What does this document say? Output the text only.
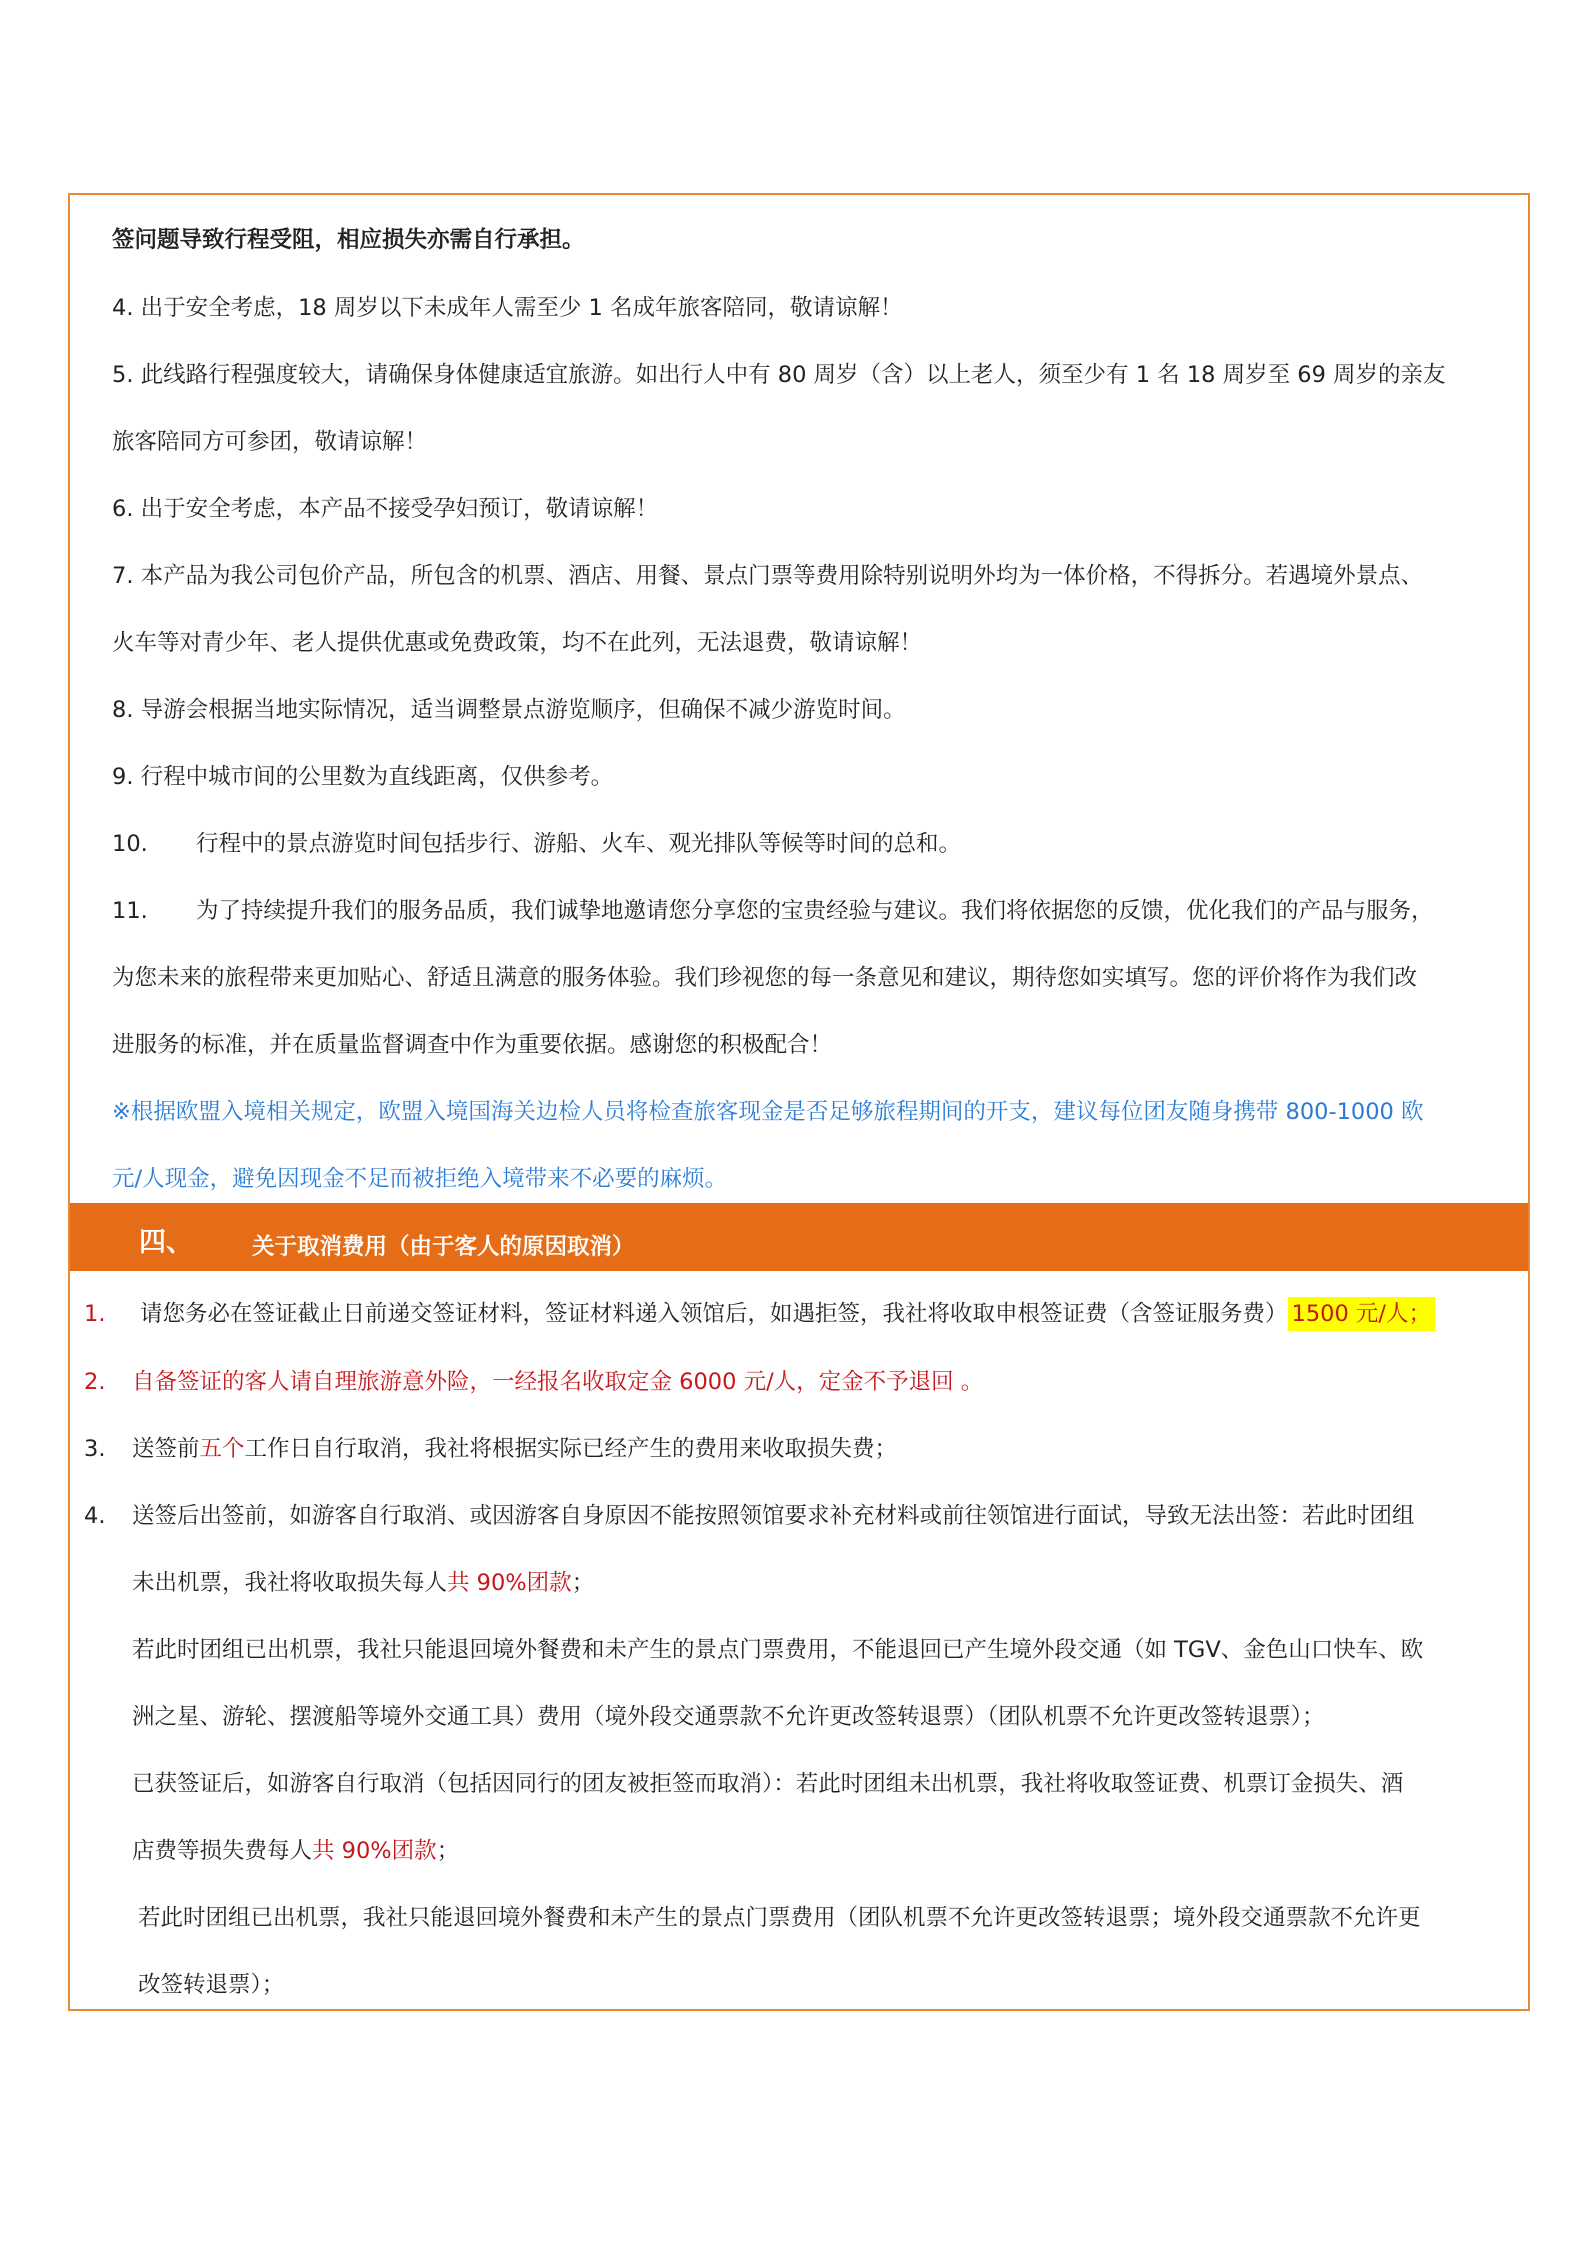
签问题导致行程受阻，相应损失亦需自行承担。
4. 出于安全考虑，18 周岁以下未成年人需至少 1 名成年旅客陪同，敬请谅解！
5. 此线路行程强度较大，请确保身体健康适宜旅游。如出行人中有 80 周岁（含）以上老人，须至少有 1 名 18 周岁至 69 周岁的亲友
旅客陪同方可参团，敬请谅解！
6. 出于安全考虑，本产品不接受孕妇预订，敬请谅解！
7. 本产品为我公司包价产品，所包含的机票、酒店、用餐、景点门票等费用除特别说明外均为一体价格，不得拆分。若遇境外景点、
火车等对青少年、老人提供优惠或免费政策，均不在此列，无法退费，敬请谅解！
8. 导游会根据当地实际情况，适当调整景点游览顺序，但确保不减少游览时间。
9. 行程中城市间的公里数为直线距离，仅供参考。
10. 行程中的景点游览时间包括步行、游船、火车、观光排队等候等时间的总和。
11. 为了持续提升我们的服务品质，我们诚挚地邀请您分享您的宝贵经验与建议。我们将依据您的反馈，优化我们的产品与服务，
为您未来的旅程带来更加贴心、舒适且满意的服务体验。我们珍视您的每一条意见和建议，期待您如实填写。您的评价将作为我们改
进服务的标准，并在质量监督调查中作为重要依据。感谢您的积极配合！
※根据欧盟入境相关规定，欧盟入境国海关边检人员将检查旅客现金是否足够旅程期间的开支，建议每位团友随身携带 800-1000 欧
元/人现金，避免因现金不足而被拒绝入境带来不必要的麻烦。
四、	关于取消费用（由于客人的原因取消）
1. 请您务必在签证截止日前递交签证材料，签证材料递入领馆后，如遇拒签，我社将收取申根签证费（含签证服务费） 1500 元/人；
2. 自备签证的客人请自理旅游意外险，一经报名收取定金 6000 元/人，定金不予退回 。
3. 送签前五个工作日自行取消，我社将根据实际已经产生的费用来收取损失费；
4. 送签后出签前，如游客自行取消、或因游客自身原因不能按照领馆要求补充材料或前往领馆进行面试，导致无法出签：若此时团组
未出机票，我社将收取损失每人共 90%团款；
若此时团组已出机票，我社只能退回境外餐费和未产生的景点门票费用，不能退回已产生境外段交通（如 TGV、金色山口快车、欧
洲之星、游轮、摆渡船等境外交通工具）费用（境外段交通票款不允许更改签转退票）（团队机票不允许更改签转退票）；
已获签证后，如游客自行取消（包括因同行的团友被拒签而取消）：若此时团组未出机票，我社将收取签证费、机票订金损失、酒
店费等损失费每人共 90%团款；
若此时团组已出机票，我社只能退回境外餐费和未产生的景点门票费用（团队机票不允许更改签转退票；境外段交通票款不允许更
改签转退票）；
